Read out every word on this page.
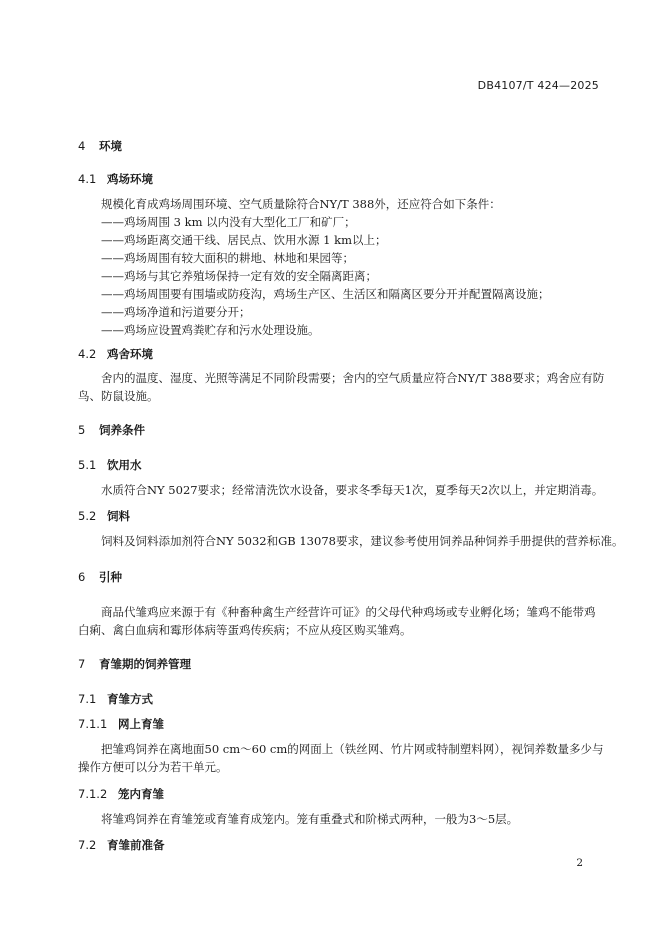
DB4107/T 424—2025
4 环境
4.1 鸡场环境
规模化育成鸡场周围环境、空气质量除符合NY/T 388外，还应符合如下条件：
——鸡场周围 3 km 以内没有大型化工厂和矿厂；
——鸡场距离交通干线、居民点、饮用水源 1 km以上；
——鸡场周围有较大面积的耕地、林地和果园等；
——鸡场与其它养殖场保持一定有效的安全隔离距离；
——鸡场周围要有围墙或防疫沟，鸡场生产区、生活区和隔离区要分开并配置隔离设施；
——鸡场净道和污道要分开；
——鸡场应设置鸡粪贮存和污水处理设施。
4.2 鸡舍环境
舍内的温度、湿度、光照等满足不同阶段需要；舍内的空气质量应符合NY/T 388要求；鸡舍应有防
鸟、防鼠设施。
5 饲养条件
5.1 饮用水
水质符合NY 5027要求；经常清洗饮水设备，要求冬季每天1次，夏季每天2次以上，并定期消毒。
5.2 饲料
饲料及饲料添加剂符合NY 5032和GB 13078要求，建议参考使用饲养品种饲养手册提供的营养标准。
6 引种
商品代雏鸡应来源于有《种畜种禽生产经营许可证》的父母代种鸡场或专业孵化场；雏鸡不能带鸡
白痢、禽白血病和霉形体病等蛋鸡传疾病；不应从疫区购买雏鸡。
7 育雏期的饲养管理
7.1 育雏方式
7.1.1 网上育雏
把雏鸡饲养在离地面50 cm～60 cm的网面上（铁丝网、竹片网或特制塑料网），视饲养数量多少与
操作方便可以分为若干单元。
7.1.2 笼内育雏
将雏鸡饲养在育雏笼或育雏育成笼内。笼有重叠式和阶梯式两种，一般为3～5层。
7.2 育雏前准备
2
